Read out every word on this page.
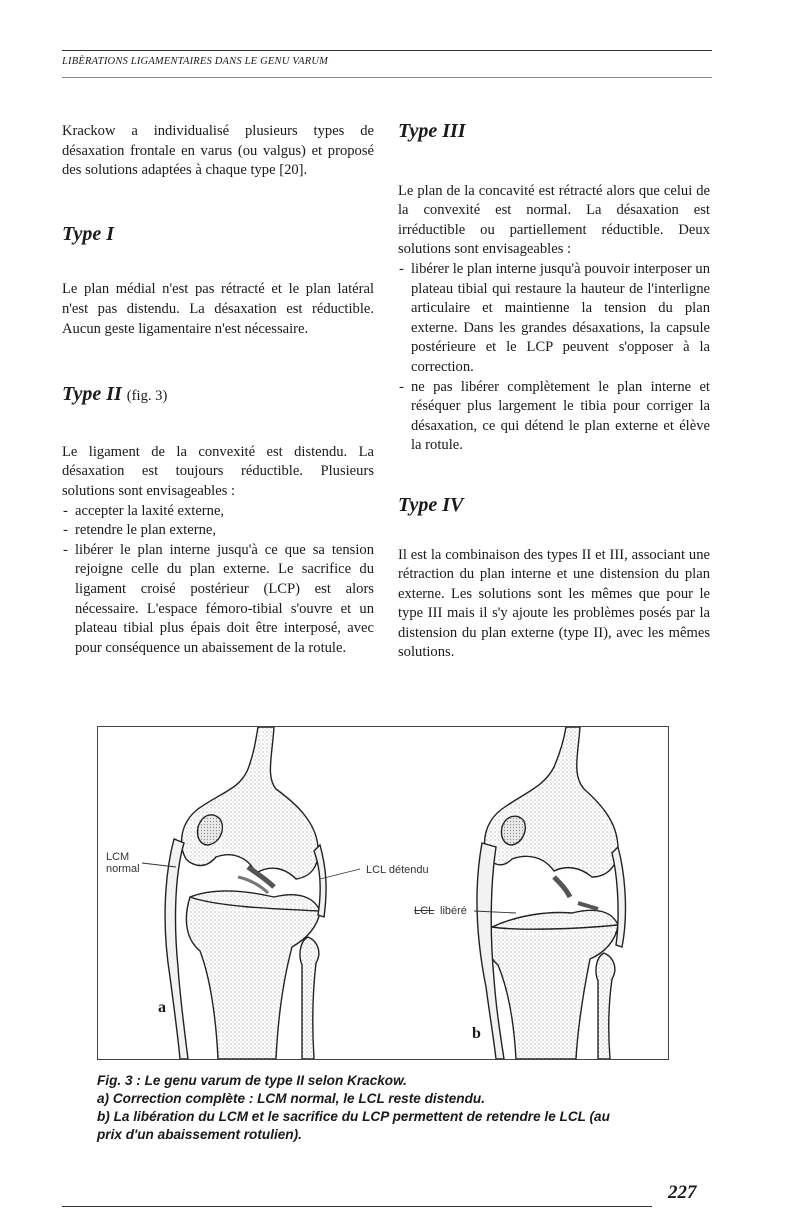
LIBÈRATIONS LIGAMENTAIRES DANS LE GENU VARUM

Krackow a individualisé plusieurs types de désaxation frontale en varus (ou valgus) et proposé des solutions adaptées à chaque type [20].

Type I

Le plan médial n'est pas rétracté et le plan latéral n'est pas distendu. La désaxation est réductible. Aucun geste ligamentaire n'est nécessaire.

Type II (fig. 3)

Le ligament de la convexité est distendu. La désaxation est toujours réductible. Plusieurs solutions sont envisageables :

- accepter la laxité externe,
- retendre le plan externe,
- libérer le plan interne jusqu'à ce que sa tension rejoigne celle du plan externe. Le sacrifice du ligament croisé postérieur (LCP) est alors nécessaire. L'espace fémoro-tibial s'ouvre et un plateau tibial plus épais doit être interposé, avec pour conséquence un abaissement de la rotule.
Type III

Le plan de la concavité est rétracté alors que celui de la convexité est normal. La désaxation est irréductible ou partiellement réductible. Deux solutions sont envisageables :

- libérer le plan interne jusqu'à pouvoir interposer un plateau tibial qui restaure la hauteur de l'interligne articulaire et maintienne la tension du plan externe. Dans les grandes désaxations, la capsule postérieure et le LCP peuvent s'opposer à la correction.
- ne pas libérer complètement le plan interne et réséquer plus largement le tibia pour corriger la désaxation, ce qui détend le plan externe et élève la rotule.
Type IV

Il est la combinaison des types II et III, associant une rétraction du plan interne et une distension du plan externe. Les solutions sont les mêmes que pour le type III mais il s'y ajoute les problèmes posés par la distension du plan externe (type II), avec les mêmes solutions.

LCM
normal	LCL détendu
LCL libéré
a
b
Fig. 3 : Le genu varum de type II selon Krackow.
a) Correction complète : LCM normal, le LCL reste distendu.
b) La libération du LCM et le sacrifice du LCP permettent de retendre le LCL (au
prix d'un abaissement rotulien).
227
